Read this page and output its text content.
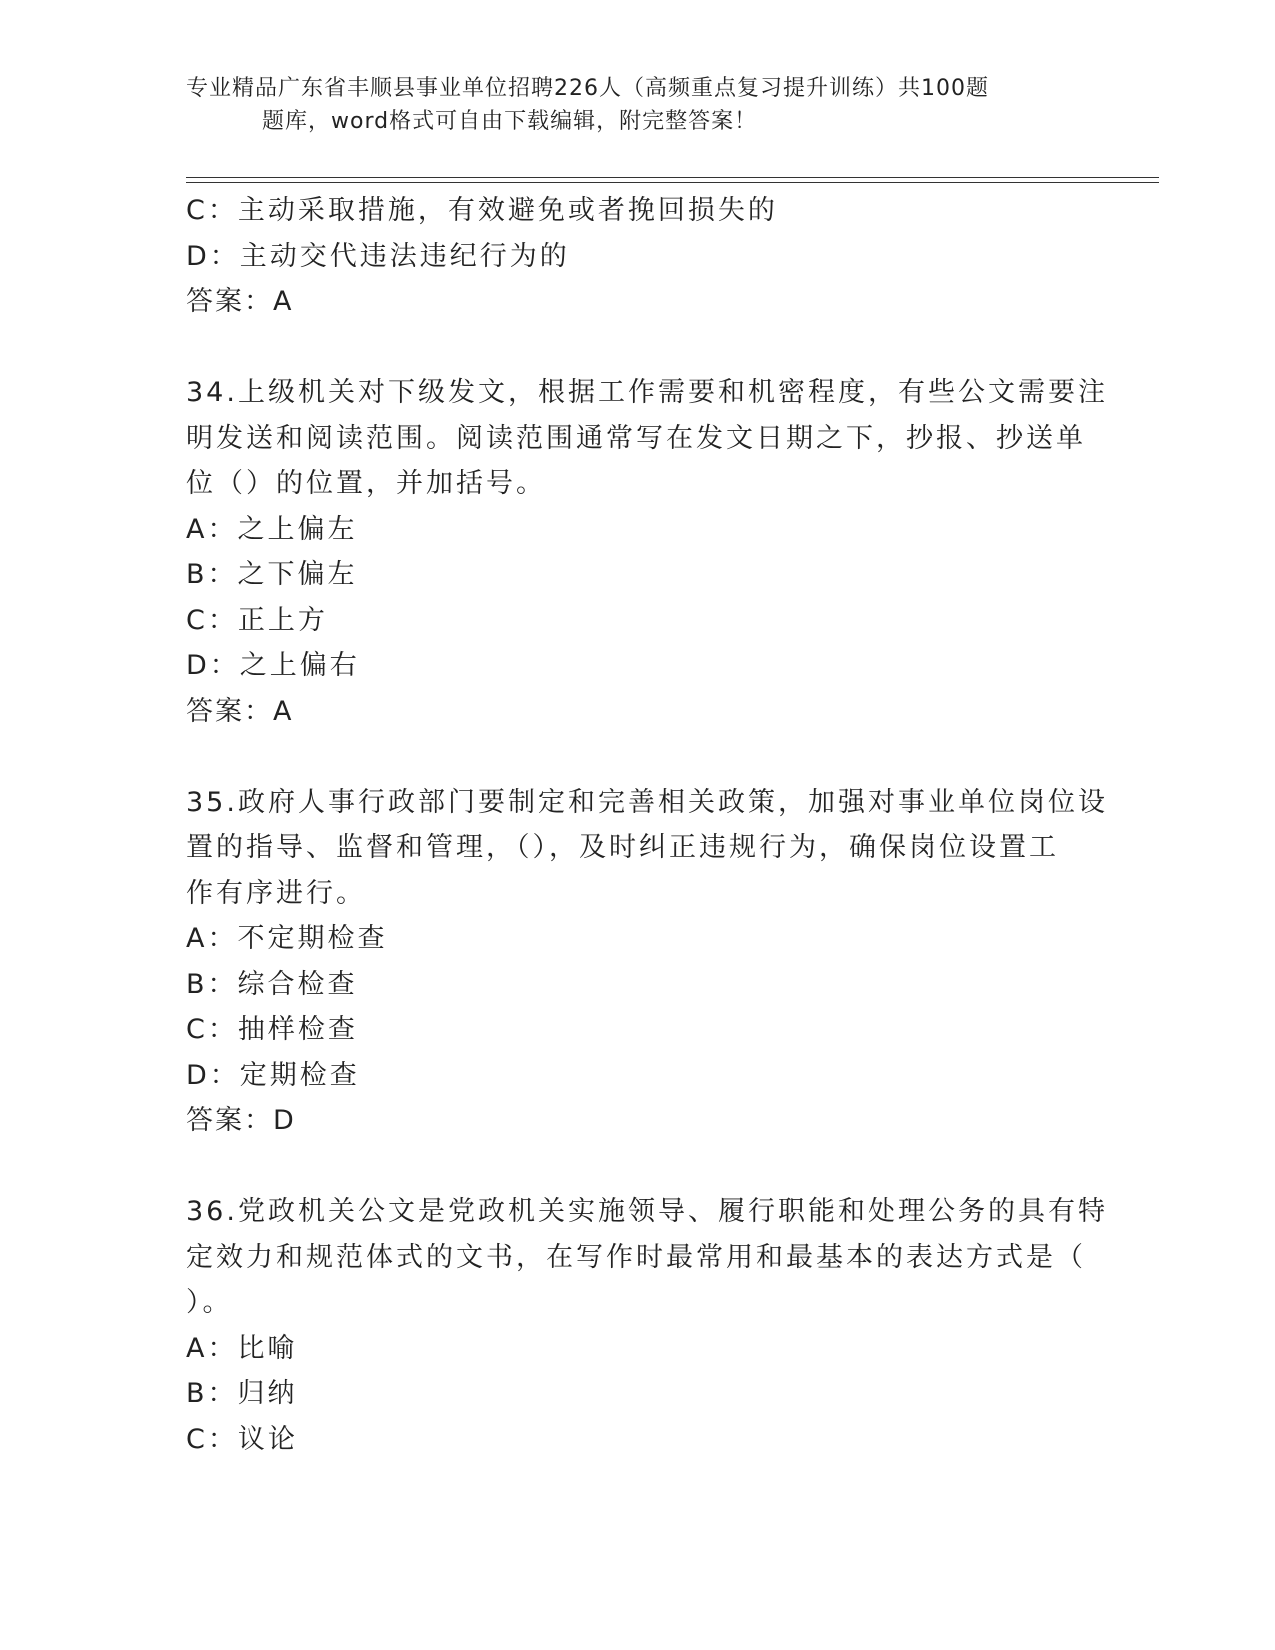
专业精品广东省丰顺县事业单位招聘226人（高频重点复习提升训练）共100题
题库，word格式可自由下载编辑，附完整答案！
C：主动采取措施，有效避免或者挽回损失的
D：主动交代违法违纪行为的
答案：A
34.上级机关对下级发文，根据工作需要和机密程度，有些公文需要注
明发送和阅读范围。阅读范围通常写在发文日期之下，抄报、抄送单
位（）的位置，并加括号。
A：之上偏左
B：之下偏左
C：正上方
D：之上偏右
答案：A
35.政府人事行政部门要制定和完善相关政策，加强对事业单位岗位设
置的指导、监督和管理，（），及时纠正违规行为，确保岗位设置工
作有序进行。
A：不定期检查
B：综合检查
C：抽样检查
D：定期检查
答案：D
36.党政机关公文是党政机关实施领导、履行职能和处理公务的具有特
定效力和规范体式的文书，在写作时最常用和最基本的表达方式是（
）。
A：比喻
B：归纳
C：议论
